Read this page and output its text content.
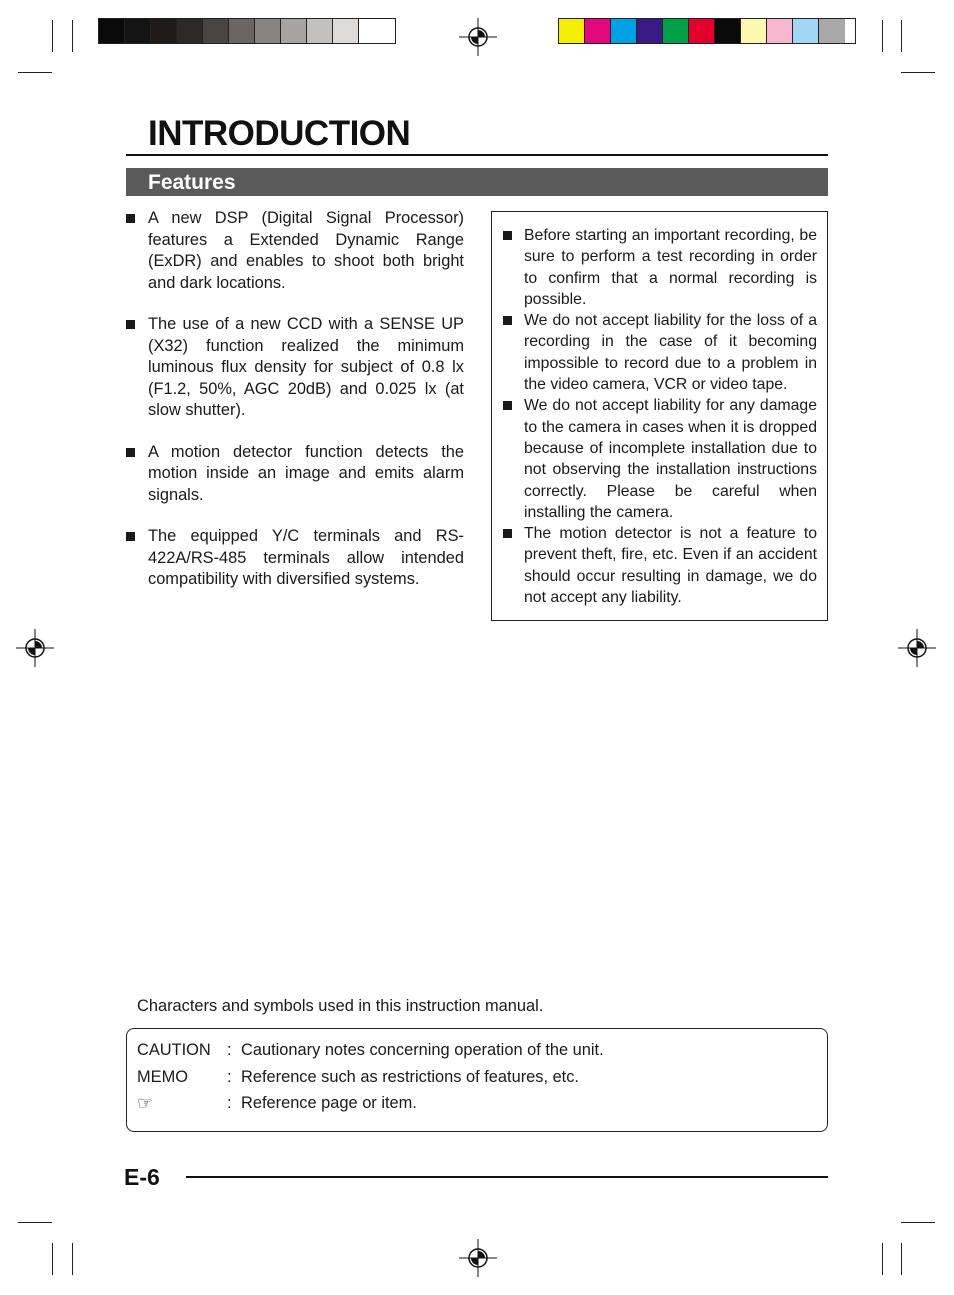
INTRODUCTION
Features
A new DSP (Digital Signal Processor) features a Extended Dynamic Range (ExDR) and enables to shoot both bright and dark locations.
The use of a new CCD with a SENSE UP (X32) function realized the minimum luminous flux density for subject of 0.8 lx (F1.2, 50%, AGC 20dB) and 0.025 lx (at slow shutter).
A motion detector function detects the motion inside an image and emits alarm signals.
The equipped Y/C terminals and RS-422A/RS-485 terminals allow intended compatibility with diversified systems.
Before starting an important recording, be sure to perform a test recording in order to confirm that a normal recording is possible.
We do not accept liability for the loss of a recording in the case of it becoming impossible to record due to a problem in the video camera, VCR or video tape.
We do not accept liability for any damage to the camera in cases when it is dropped because of incomplete installation due to not observing the installation instructions correctly. Please be careful when installing the camera.
The motion detector is not a feature to prevent theft, fire, etc. Even if an accident should occur resulting in damage, we do not accept any liability.
Characters and symbols used in this instruction manual.
CAUTION : Cautionary notes concerning operation of the unit.
MEMO : Reference such as restrictions of features, etc.
☞	: Reference page or item.
E-6
